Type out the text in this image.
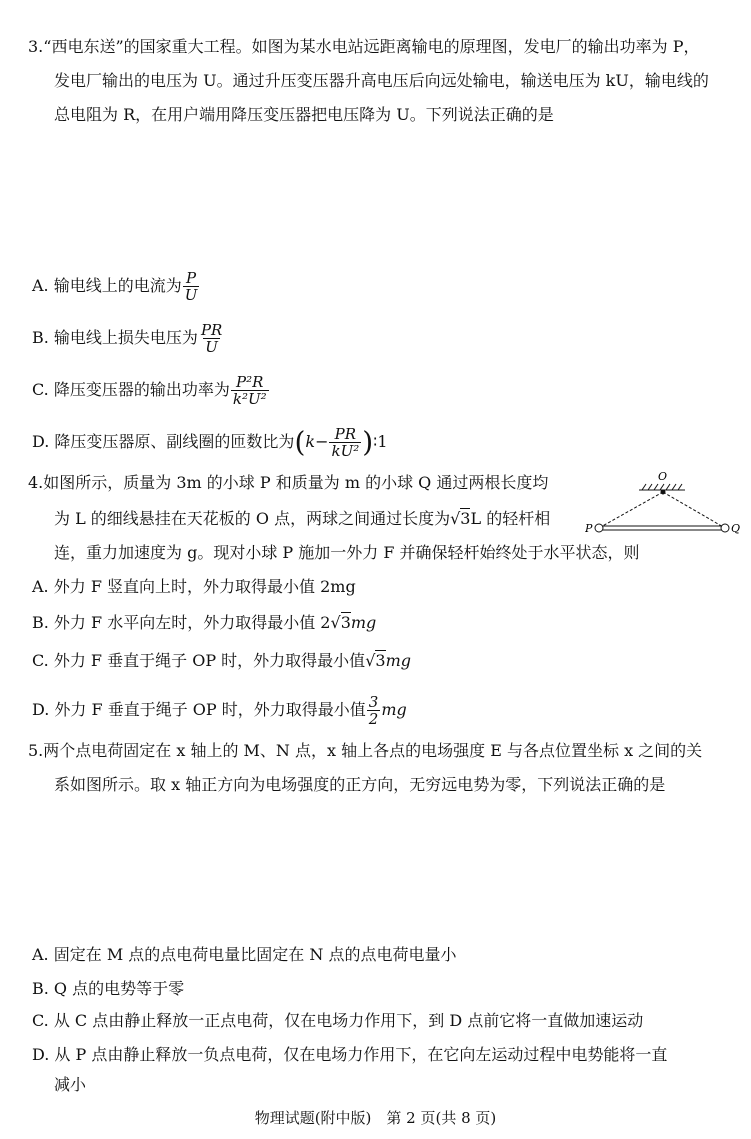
3.“西电东送”的国家重大工程。如图为某水电站远距离输电的原理图，发电厂的输出功率为 P，
发电厂输出的电压为 U。通过升压变压器升高电压后向远处输电，输送电压为 kU，输电线的
总电阻为 R，在用户端用降压变压器把电压降为 U。下列说法正确的是
A. 输电线上的电流为 $\frac{P}{U}$
B. 输电线上损失电压为 $\frac{PR}{U}$
C. 降压变压器的输出功率为 $\frac{\text{P²R}}{\text{k²U²}}$
D. 降压变压器原、副线圈的匝数比为($k- \frac{PR}{\text{kU²}}$ )∶1
4.如图所示，质量为 3m 的小球 P 和质量为 m 的小球 Q 通过两根长度均
为 L 的细线悬挂在天花板的 O 点，两球之间通过长度为√3L 的轻杆相
连，重力加速度为 g。现对小球 P 施加一外力 F 并确保轻杆始终处于水平状态，则
A. 外力 F 竖直向上时，外力取得最小值 2mg
B. 外力 F 水平向左时，外力取得最小值 2√3mg
C. 外力 F 垂直于绳子 OP 时，外力取得最小值√3mg
D. 外力 F 垂直于绳子 OP 时，外力取得最小值 $\frac{3}{2}$ mg
O
P	Q
5.两个点电荷固定在 x 轴上的 M、N 点，x 轴上各点的电场强度 E 与各点位置坐标 x 之间的关
系如图所示。取 x 轴正方向为电场强度的正方向，无穷远电势为零，下列说法正确的是
A. 固定在 M 点的点电荷电量比固定在 N 点的点电荷电量小
B. Q 点的电势等于零
C. 从 C 点由静止释放一正点电荷，仅在电场力作用下，到 D 点前它将一直做加速运动
D. 从 P 点由静止释放一负点电荷，仅在电场力作用下，在它向左运动过程中电势能将一直
减小
物理试题(附中版)　第 2 页(共 8 页)
